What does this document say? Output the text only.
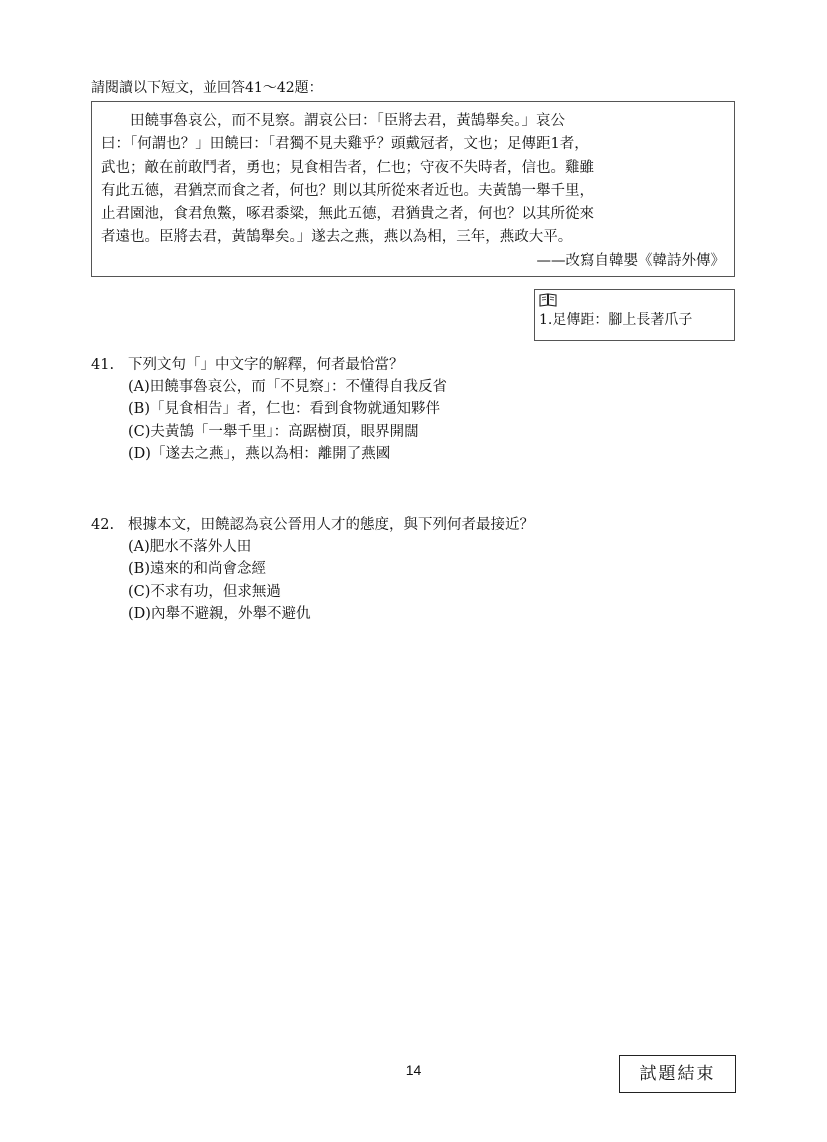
請閱讀以下短文，並回答41～42題：
　　田饒事魯哀公，而不見察。謂哀公曰：「臣將去君，黃鵠舉矣。」哀公
曰：「何謂也？」田饒曰：「君獨不見夫雞乎？頭戴冠者，文也；足傳距1者，
武也；敵在前敢鬥者，勇也；見食相告者，仁也；守夜不失時者，信也。雞雖
有此五德，君猶烹而食之者，何也？則以其所從來者近也。夫黃鵠一舉千里，
止君園池，食君魚鱉，啄君黍粱，無此五德，君猶貴之者，何也？以其所從來
者遠也。臣將去君，黃鵠舉矣。」遂去之燕，燕以為相，三年，燕政大平。
——改寫自韓嬰《韓詩外傳》
1.足傳距：腳上長著爪子
41. 下列文句「」中文字的解釋，何者最恰當？
(A)田饒事魯哀公，而「不見察」：不懂得自我反省
(B)「見食相告」者，仁也：看到食物就通知夥伴
(C)夫黃鵠「一舉千里」：高踞樹頂，眼界開闊
(D)「遂去之燕」，燕以為相：離開了燕國
42. 根據本文，田饒認為哀公晉用人才的態度，與下列何者最接近？
(A)肥水不落外人田
(B)遠來的和尚會念經
(C)不求有功，但求無過
(D)內舉不避親，外舉不避仇
14	試題結束
